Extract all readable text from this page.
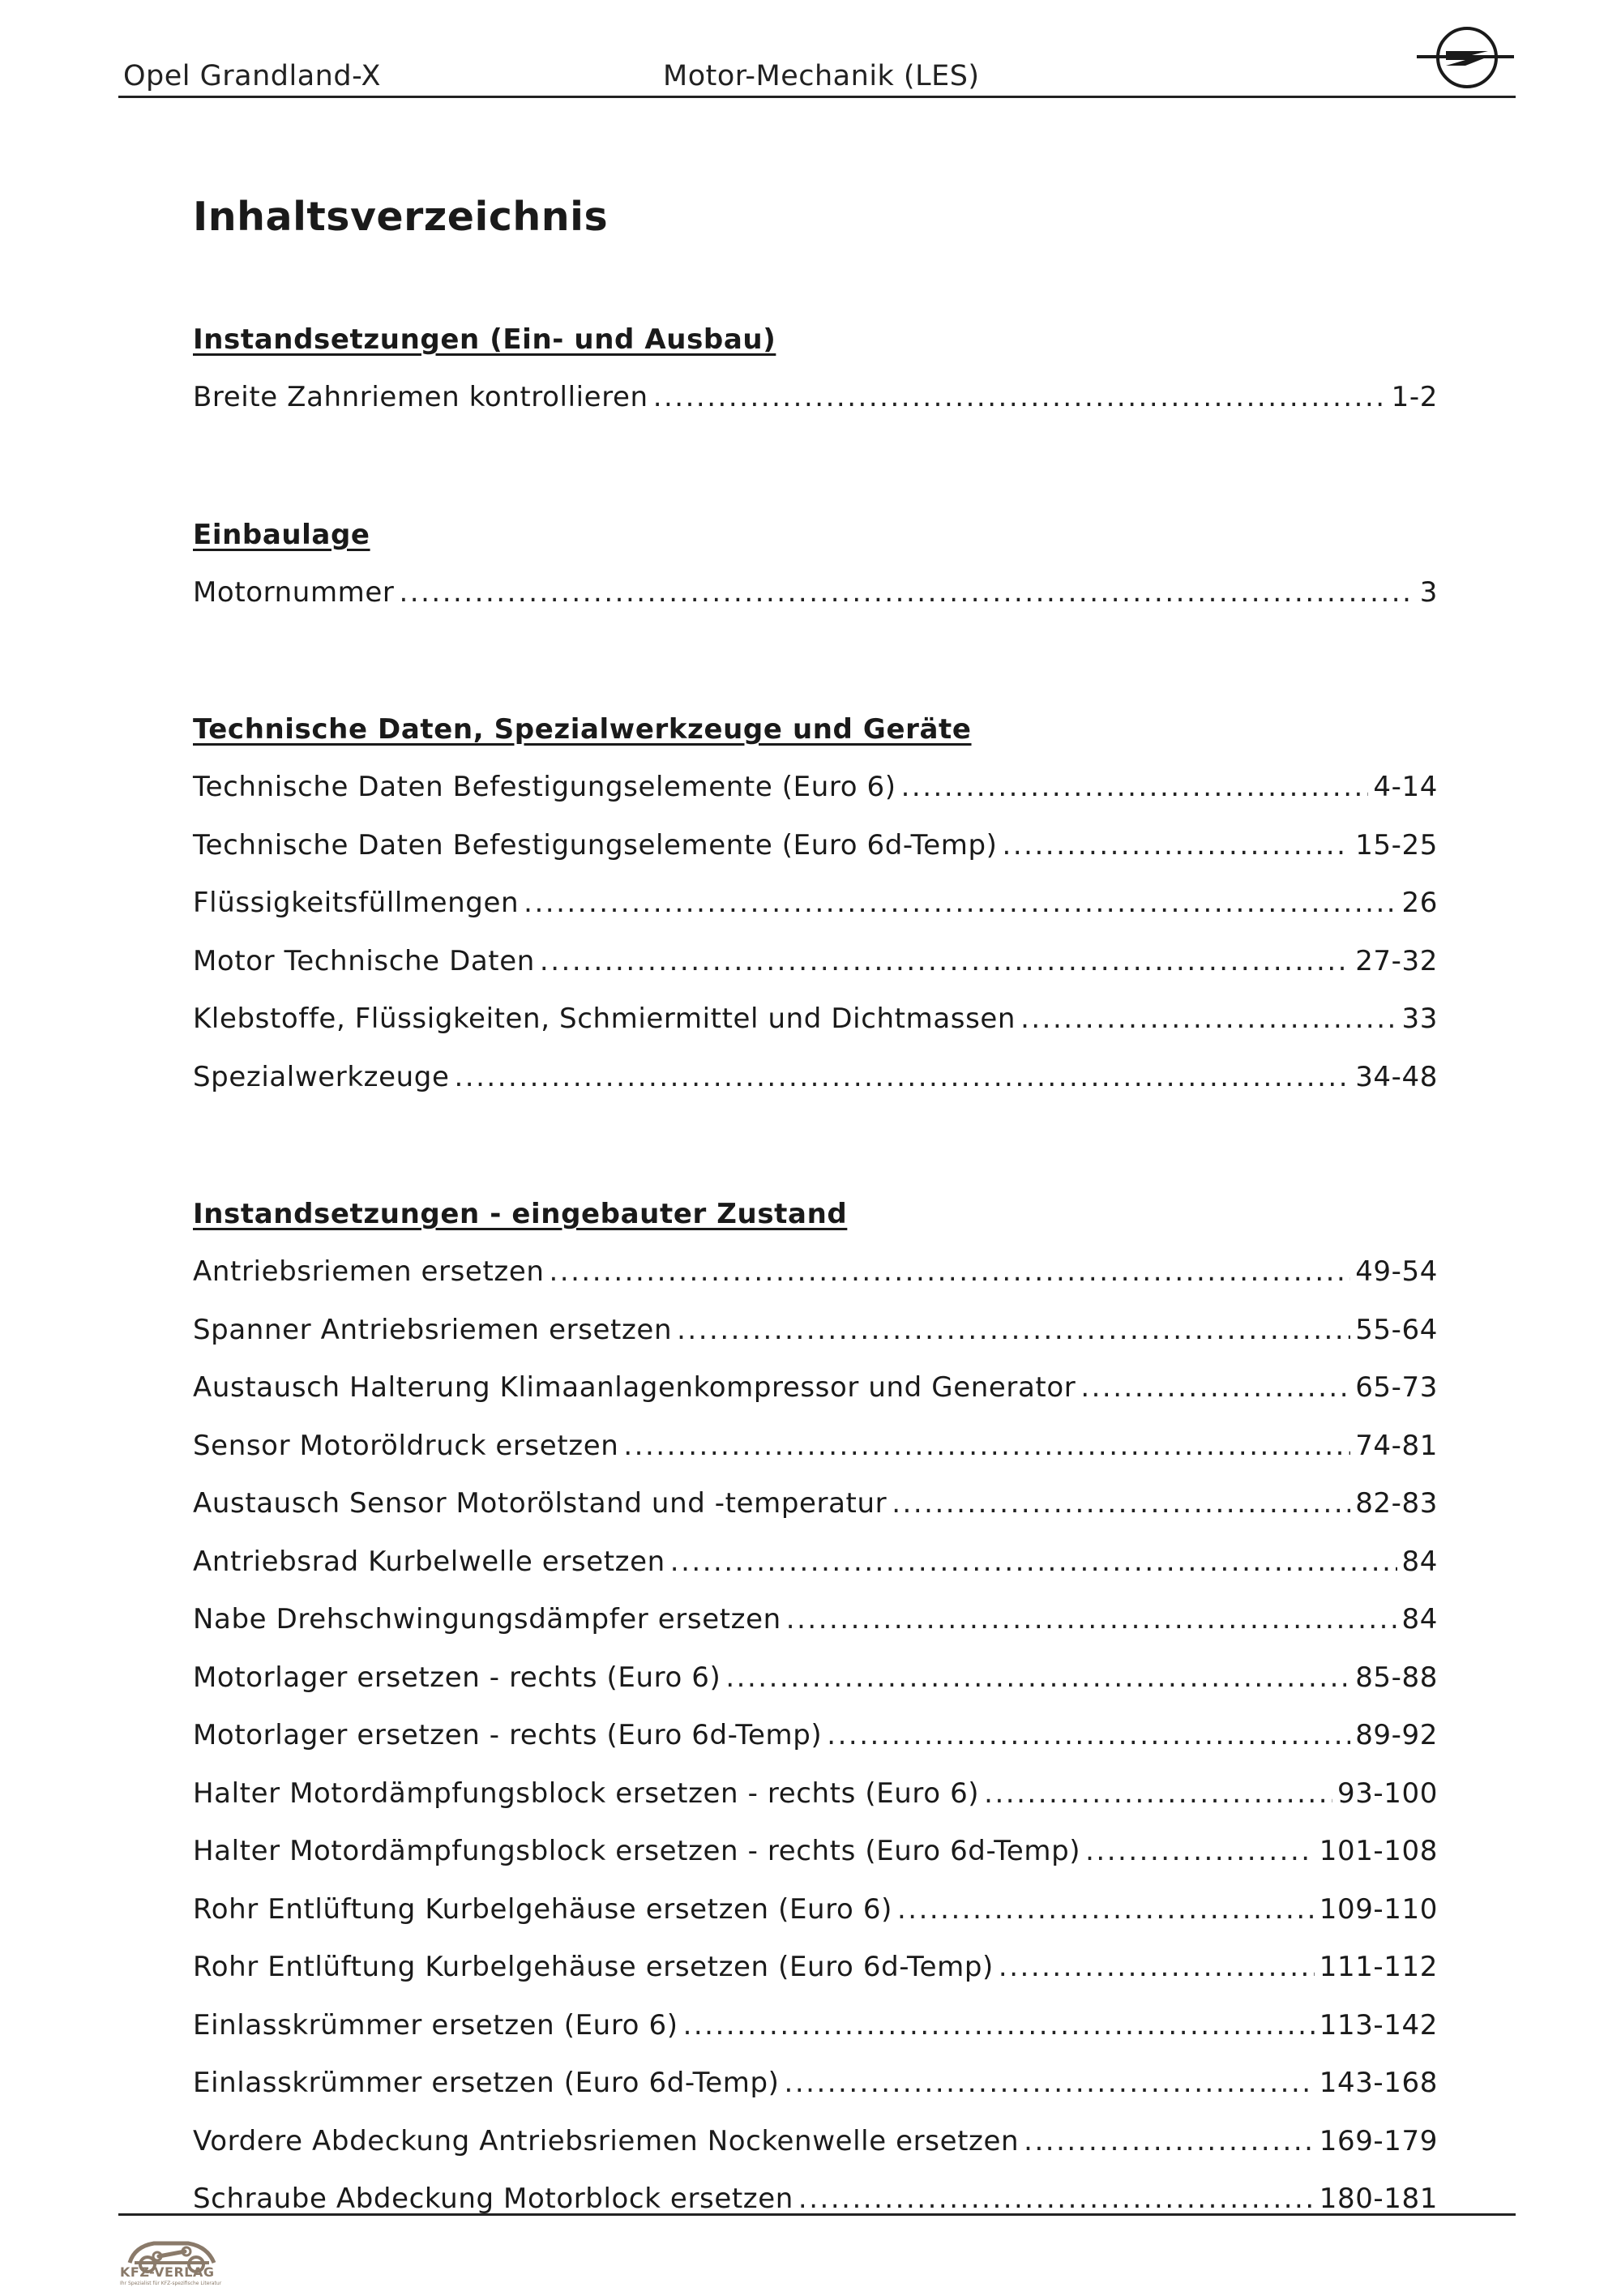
Opel Grandland-X	Motor-Mechanik (LES)
Inhaltsverzeichnis
Instandsetzungen (Ein- und Ausbau)
Breite Zahnriemen kontrollieren .....	1-2
Einbaulage
Motornummer .....	3
Technische Daten, Spezialwerkzeuge und Geräte
Technische Daten Befestigungselemente (Euro 6) .....	4-14
Technische Daten Befestigungselemente (Euro 6d-Temp) .....	15-25
Flüssigkeitsfüllmengen .....	26
Motor Technische Daten .....	27-32
Klebstoffe, Flüssigkeiten, Schmiermittel und Dichtmassen .....	33
Spezialwerkzeuge .....	34-48
Instandsetzungen - eingebauter Zustand
Antriebsriemen ersetzen .....	49-54
Spanner Antriebsriemen ersetzen .....	55-64
Austausch Halterung Klimaanlagenkompressor und Generator .....	65-73
Sensor Motoröldruck ersetzen .....	74-81
Austausch Sensor Motorölstand und -temperatur .....	82-83
Antriebsrad Kurbelwelle ersetzen .....	84
Nabe Drehschwingungsdämpfer ersetzen .....	84
Motorlager ersetzen - rechts (Euro 6) .....	85-88
Motorlager ersetzen - rechts (Euro 6d-Temp) .....	89-92
Halter Motordämpfungsblock ersetzen - rechts (Euro 6) .....	93-100
Halter Motordämpfungsblock ersetzen - rechts (Euro 6d-Temp) .....	101-108
Rohr Entlüftung Kurbelgehäuse ersetzen (Euro 6) .....	109-110
Rohr Entlüftung Kurbelgehäuse ersetzen (Euro 6d-Temp) .....	111-112
Einlasskrümmer ersetzen (Euro 6) .....	113-142
Einlasskrümmer ersetzen (Euro 6d-Temp) .....	143-168
Vordere Abdeckung Antriebsriemen Nockenwelle ersetzen .....	169-179
Schraube Abdeckung Motorblock ersetzen .....	180-181
KFZ-VERLAG
Ihr Spezialist für KFZ-spezifische Literatur
